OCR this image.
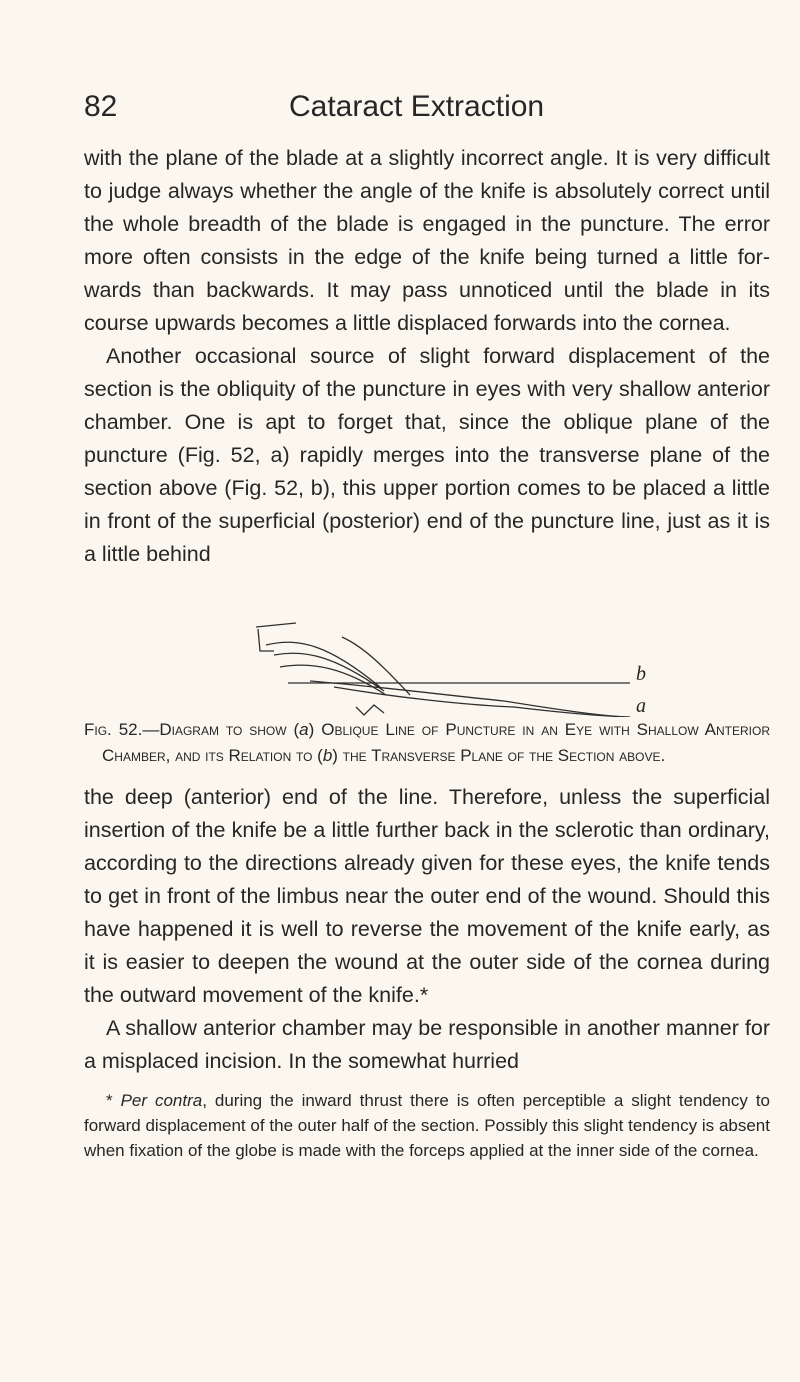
82	Cataract Extraction

with the plane of the blade at a slightly incorrect angle. It is very difficult to judge always whether the angle of the knife is absolutely correct until the whole breadth of the blade is engaged in the puncture. The error more often consists in the edge of the knife being turned a little for- wards than backwards. It may pass unnoticed until the blade in its course upwards becomes a little displaced forwards into the cornea.

Another occasional source of slight forward displacement of the section is the obliquity of the puncture in eyes with very shallow anterior chamber. One is apt to forget that, since the oblique plane of the puncture (Fig. 52, a) rapidly merges into the transverse plane of the section above (Fig. 52, b), this upper portion comes to be placed a little in front of the superficial (posterior) end of the puncture line, just as it is a little behind

b
a

Fig. 52.—Diagram to show (a) Oblique Line of Puncture in an Eye with Shallow Anterior Chamber, and its Relation to (b) the Transverse Plane of the Section above.

the deep (anterior) end of the line. Therefore, unless the superficial insertion of the knife be a little further back in the sclerotic than ordinary, according to the directions already given for these eyes, the knife tends to get in front of the limbus near the outer end of the wound. Should this have happened it is well to reverse the movement of the knife early, as it is easier to deepen the wound at the outer side of the cornea during the outward movement of the knife.*

A shallow anterior chamber may be responsible in another manner for a misplaced incision. In the somewhat hurried

* Per contra, during the inward thrust there is often perceptible a slight tendency to forward displacement of the outer half of the section. Possibly this slight tendency is absent when fixation of the globe is made with the forceps applied at the inner side of the cornea.
